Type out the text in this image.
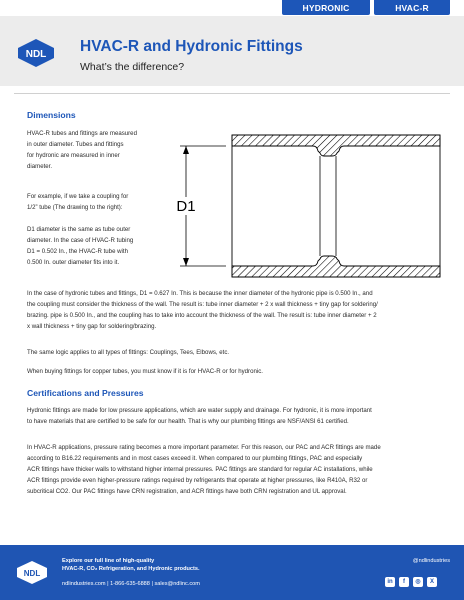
HYDRONIC	HVAC-R
NDL HVAC-R and Hydronic Fittings
What’s the difference?
Dimensions

HVAC-R tubes and fittings are measured
in outer diameter. Tubes and fittings
for hydronic are measured in inner
diameter.

For example, if we take a coupling for
1/2” tube (The drawing to the right):

D1 diameter is the same as tube outer
diameter. In the case of HVAC-R tubing
D1 = 0.502 In., the HVAC-R tube with
0.500 In. outer diameter fits into it.

D1

In the case of hydronic tubes and fittings, D1 = 0.627 In. This is because the inner diameter of the hydronic pipe is 0.500 In., and
the coupling must consider the thickness of the wall. The result is: tube inner diameter + 2 x wall thickness + tiny gap for soldering/
brazing. pipe is 0.500 In., and the coupling has to take into account the thickness of the wall. The result is: tube inner diameter + 2
x wall thickness + tiny gap for soldering/brazing.

The same logic applies to all types of fittings: Couplings, Tees, Elbows, etc.

When buying fittings for copper tubes, you must know if it is for HVAC-R or for hydronic.

Certifications and Pressures

Hydronic fittings are made for low pressure applications, which are water supply and drainage. For hydronic, it is more important
to have materials that are certified to be safe for our health. That is why our plumbing fittings are NSF/ANSI 61 certified.

In HVAC-R applications, pressure rating becomes a more important parameter. For this reason, our PAC and ACR fittings are made
according to B16.22 requirements and in most cases exceed it. When compared to our plumbing fittings, PAC and especially
ACR fittings have thicker walls to withstand higher internal pressures. PAC fittings are standard for regular AC installations, while
ACR fittings provide even higher-pressure ratings required by refrigerants that operate at higher pressures, like R410A, R32 or
subcritical CO2. Our PAC fittings have CRN registration, and ACR fittings have both CRN registration and UL approval.

NDL
Explore our full line of high-quality
HVAC-R, CO₂ Refrigeration, and Hydronic products.
ndlindustries.com | 1-866-635-6888 | sales@ndlinc.com
@ndlindustries
in	f	◎	X
